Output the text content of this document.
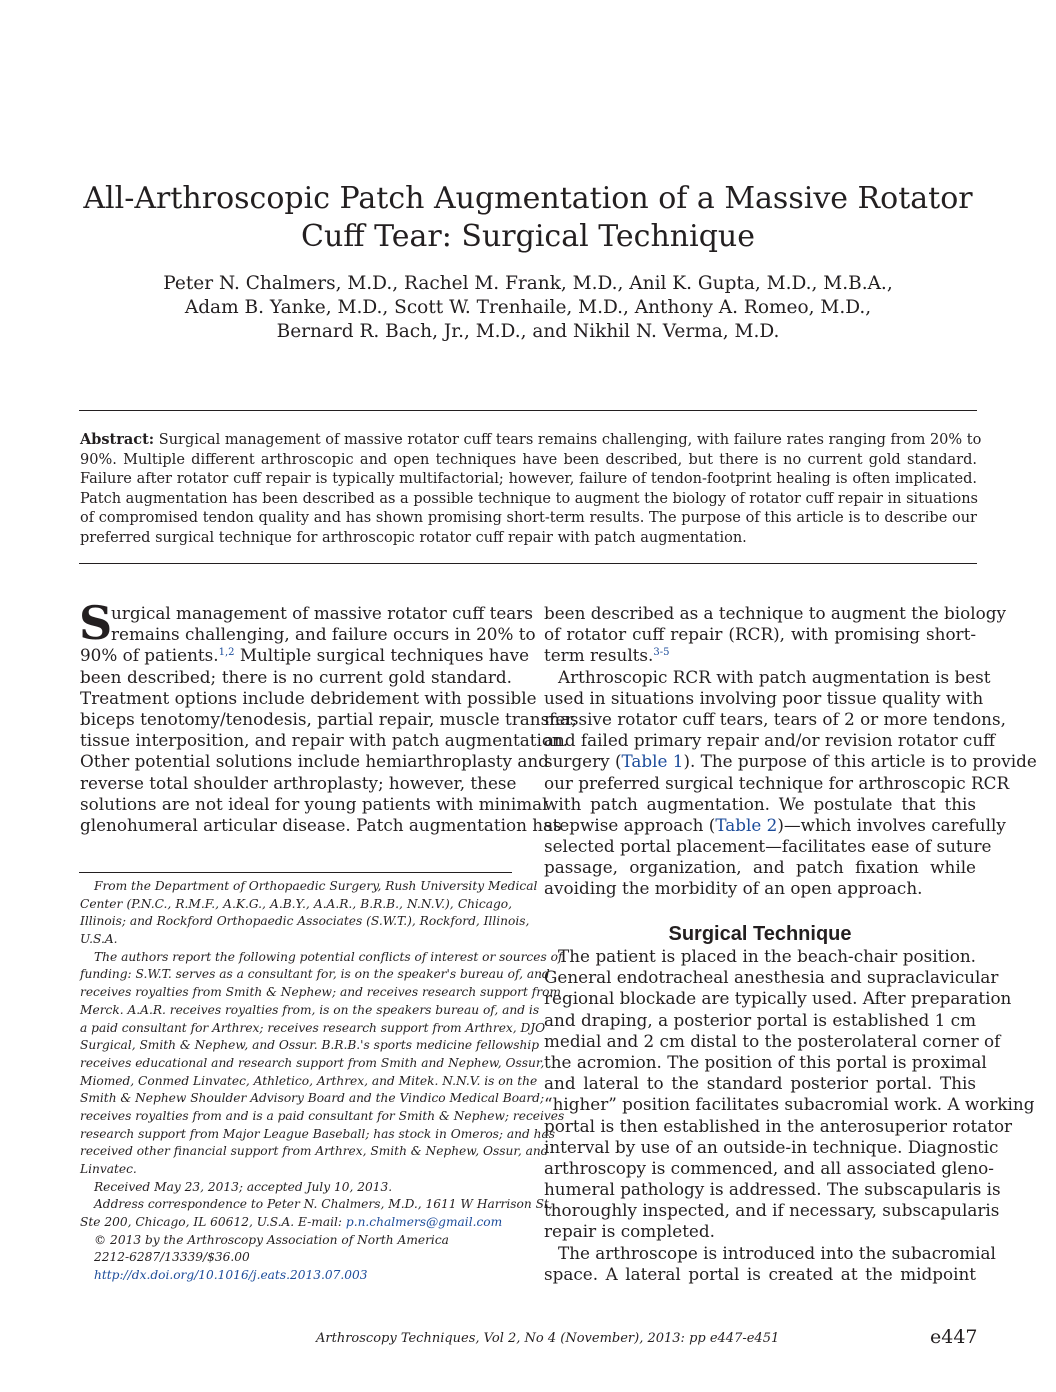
All-Arthroscopic Patch Augmentation of a Massive Rotator
Cuff Tear: Surgical Technique
Peter N. Chalmers, M.D., Rachel M. Frank, M.D., Anil K. Gupta, M.D., M.B.A.,
Adam B. Yanke, M.D., Scott W. Trenhaile, M.D., Anthony A. Romeo, M.D.,
Bernard R. Bach, Jr., M.D., and Nikhil N. Verma, M.D.
Abstract: Surgical management of massive rotator cuff tears remains challenging, with failure rates ranging from 20% to
90%. Multiple different arthroscopic and open techniques have been described, but there is no current gold standard.
Failure after rotator cuff repair is typically multifactorial; however, failure of tendon-footprint healing is often implicated.
Patch augmentation has been described as a possible technique to augment the biology of rotator cuff repair in situations
of compromised tendon quality and has shown promising short-term results. The purpose of this article is to describe our
preferred surgical technique for arthroscopic rotator cuff repair with patch augmentation.
S
urgical management of massive rotator cuff tears
remains challenging, and failure occurs in 20% to
90% of patients.$^{1,2}$ Multiple surgical techniques have
been described; there is no current gold standard.
Treatment options include debridement with possible
biceps tenotomy/tenodesis, partial repair, muscle transfer,
tissue interposition, and repair with patch augmentation.
Other potential solutions include hemiarthroplasty and
reverse total shoulder arthroplasty; however, these
solutions are not ideal for young patients with minimal
glenohumeral articular disease. Patch augmentation has
From the Department of Orthopaedic Surgery, Rush University Medical
Center (P.N.C., R.M.F., A.K.G., A.B.Y., A.A.R., B.R.B., N.N.V.), Chicago,
Illinois; and Rockford Orthopaedic Associates (S.W.T.), Rockford, Illinois,
U.S.A.
The authors report the following potential conflicts of interest or sources of
funding: S.W.T. serves as a consultant for, is on the speaker's bureau of, and
receives royalties from Smith & Nephew; and receives research support from
Merck. A.A.R. receives royalties from, is on the speakers bureau of, and is
a paid consultant for Arthrex; receives research support from Arthrex, DJO
Surgical, Smith & Nephew, and Ossur. B.R.B.'s sports medicine fellowship
receives educational and research support from Smith and Nephew, Ossur,
Miomed, Conmed Linvatec, Athletico, Arthrex, and Mitek. N.N.V. is on the
Smith & Nephew Shoulder Advisory Board and the Vindico Medical Board;
receives royalties from and is a paid consultant for Smith & Nephew; receives
research support from Major League Baseball; has stock in Omeros; and has
received other financial support from Arthrex, Smith & Nephew, Ossur, and
Linvatec.
Received May 23, 2013; accepted July 10, 2013.
Address correspondence to Peter N. Chalmers, M.D., 1611 W Harrison St,
Ste 200, Chicago, IL 60612, U.S.A. E-mail: p.n.chalmers@gmail.com
© 2013 by the Arthroscopy Association of North America
2212-6287/13339/$36.00
http://dx.doi.org/10.1016/j.eats.2013.07.003
been described as a technique to augment the biology
of rotator cuff repair (RCR), with promising short-
term results.$^{3-5}$
Arthroscopic RCR with patch augmentation is best
used in situations involving poor tissue quality with
massive rotator cuff tears, tears of 2 or more tendons,
and failed primary repair and/or revision rotator cuff
surgery (Table 1). The purpose of this article is to provide
our preferred surgical technique for arthroscopic RCR
with patch augmentation. We postulate that this
stepwise approach (Table 2)—which involves carefully
selected portal placement—facilitates ease of suture
passage, organization, and patch fixation while
avoiding the morbidity of an open approach.
Surgical Technique
The patient is placed in the beach-chair position.
General endotracheal anesthesia and supraclavicular
regional blockade are typically used. After preparation
and draping, a posterior portal is established 1 cm
medial and 2 cm distal to the posterolateral corner of
the acromion. The position of this portal is proximal
and lateral to the standard posterior portal. This
“higher” position facilitates subacromial work. A working
portal is then established in the anterosuperior rotator
interval by use of an outside-in technique. Diagnostic
arthroscopy is commenced, and all associated gleno-
humeral pathology is addressed. The subscapularis is
thoroughly inspected, and if necessary, subscapularis
repair is completed.
The arthroscope is introduced into the subacromial
space. A lateral portal is created at the midpoint
Arthroscopy Techniques, Vol 2, No 4 (November), 2013: pp e447-e451	e447
